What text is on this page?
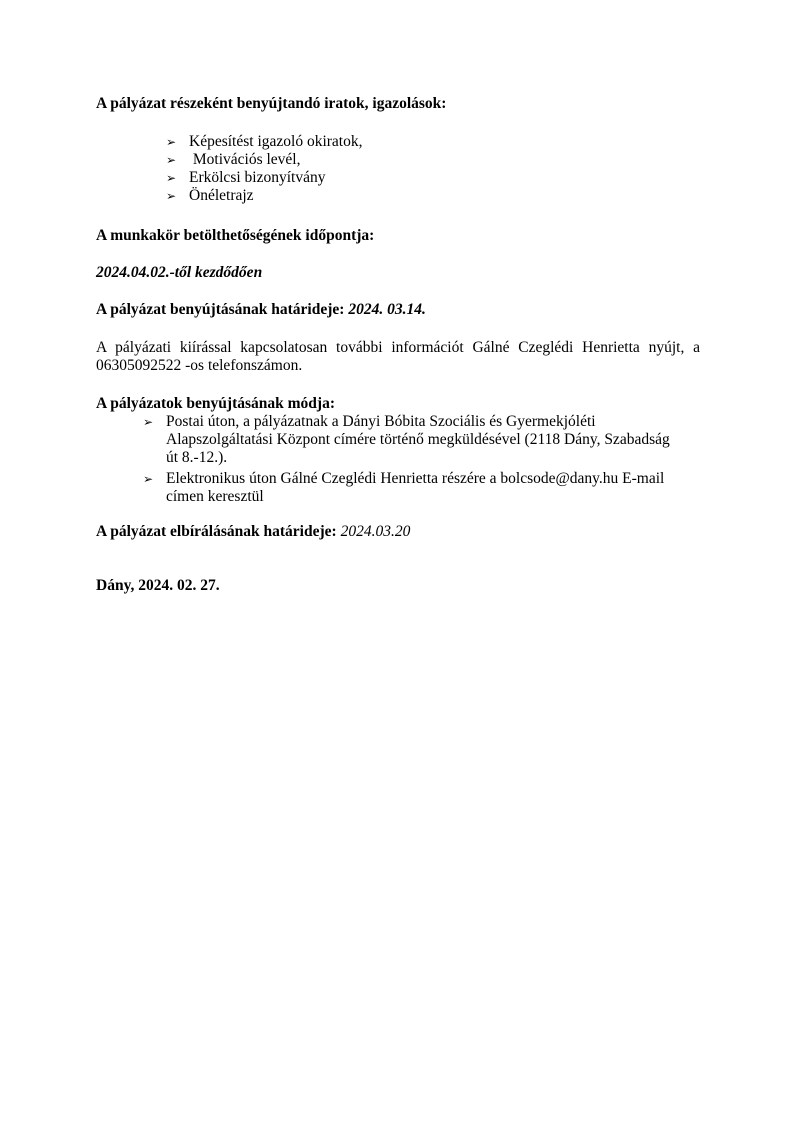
A pályázat részeként benyújtandó iratok, igazolások:
➢ Képesítést igazoló okiratok,
➢ Motivációs levél,
➢ Erkölcsi bizonyítvány
➢ Önéletrajz
A munkakör betölthetőségének időpontja:
2024.04.02.-től kezdődően
A pályázat benyújtásának határideje: 2024. 03.14.
A pályázati kiírással kapcsolatosan további információt Gálné Czeglédi Henrietta nyújt, a
06305092522 -os telefonszámon.
A pályázatok benyújtásának módja:
➢ Postai úton, a pályázatnak a Dányi Bóbita Szociális és Gyermekjóléti
Alapszolgáltatási Központ címére történő megküldésével (2118 Dány, Szabadság
út 8.-12.).
➢ Elektronikus úton Gálné Czeglédi Henrietta részére a bolcsode@dany.hu E-mail
címen keresztül
A pályázat elbírálásának határideje: 2024.03.20
Dány, 2024. 02. 27.
